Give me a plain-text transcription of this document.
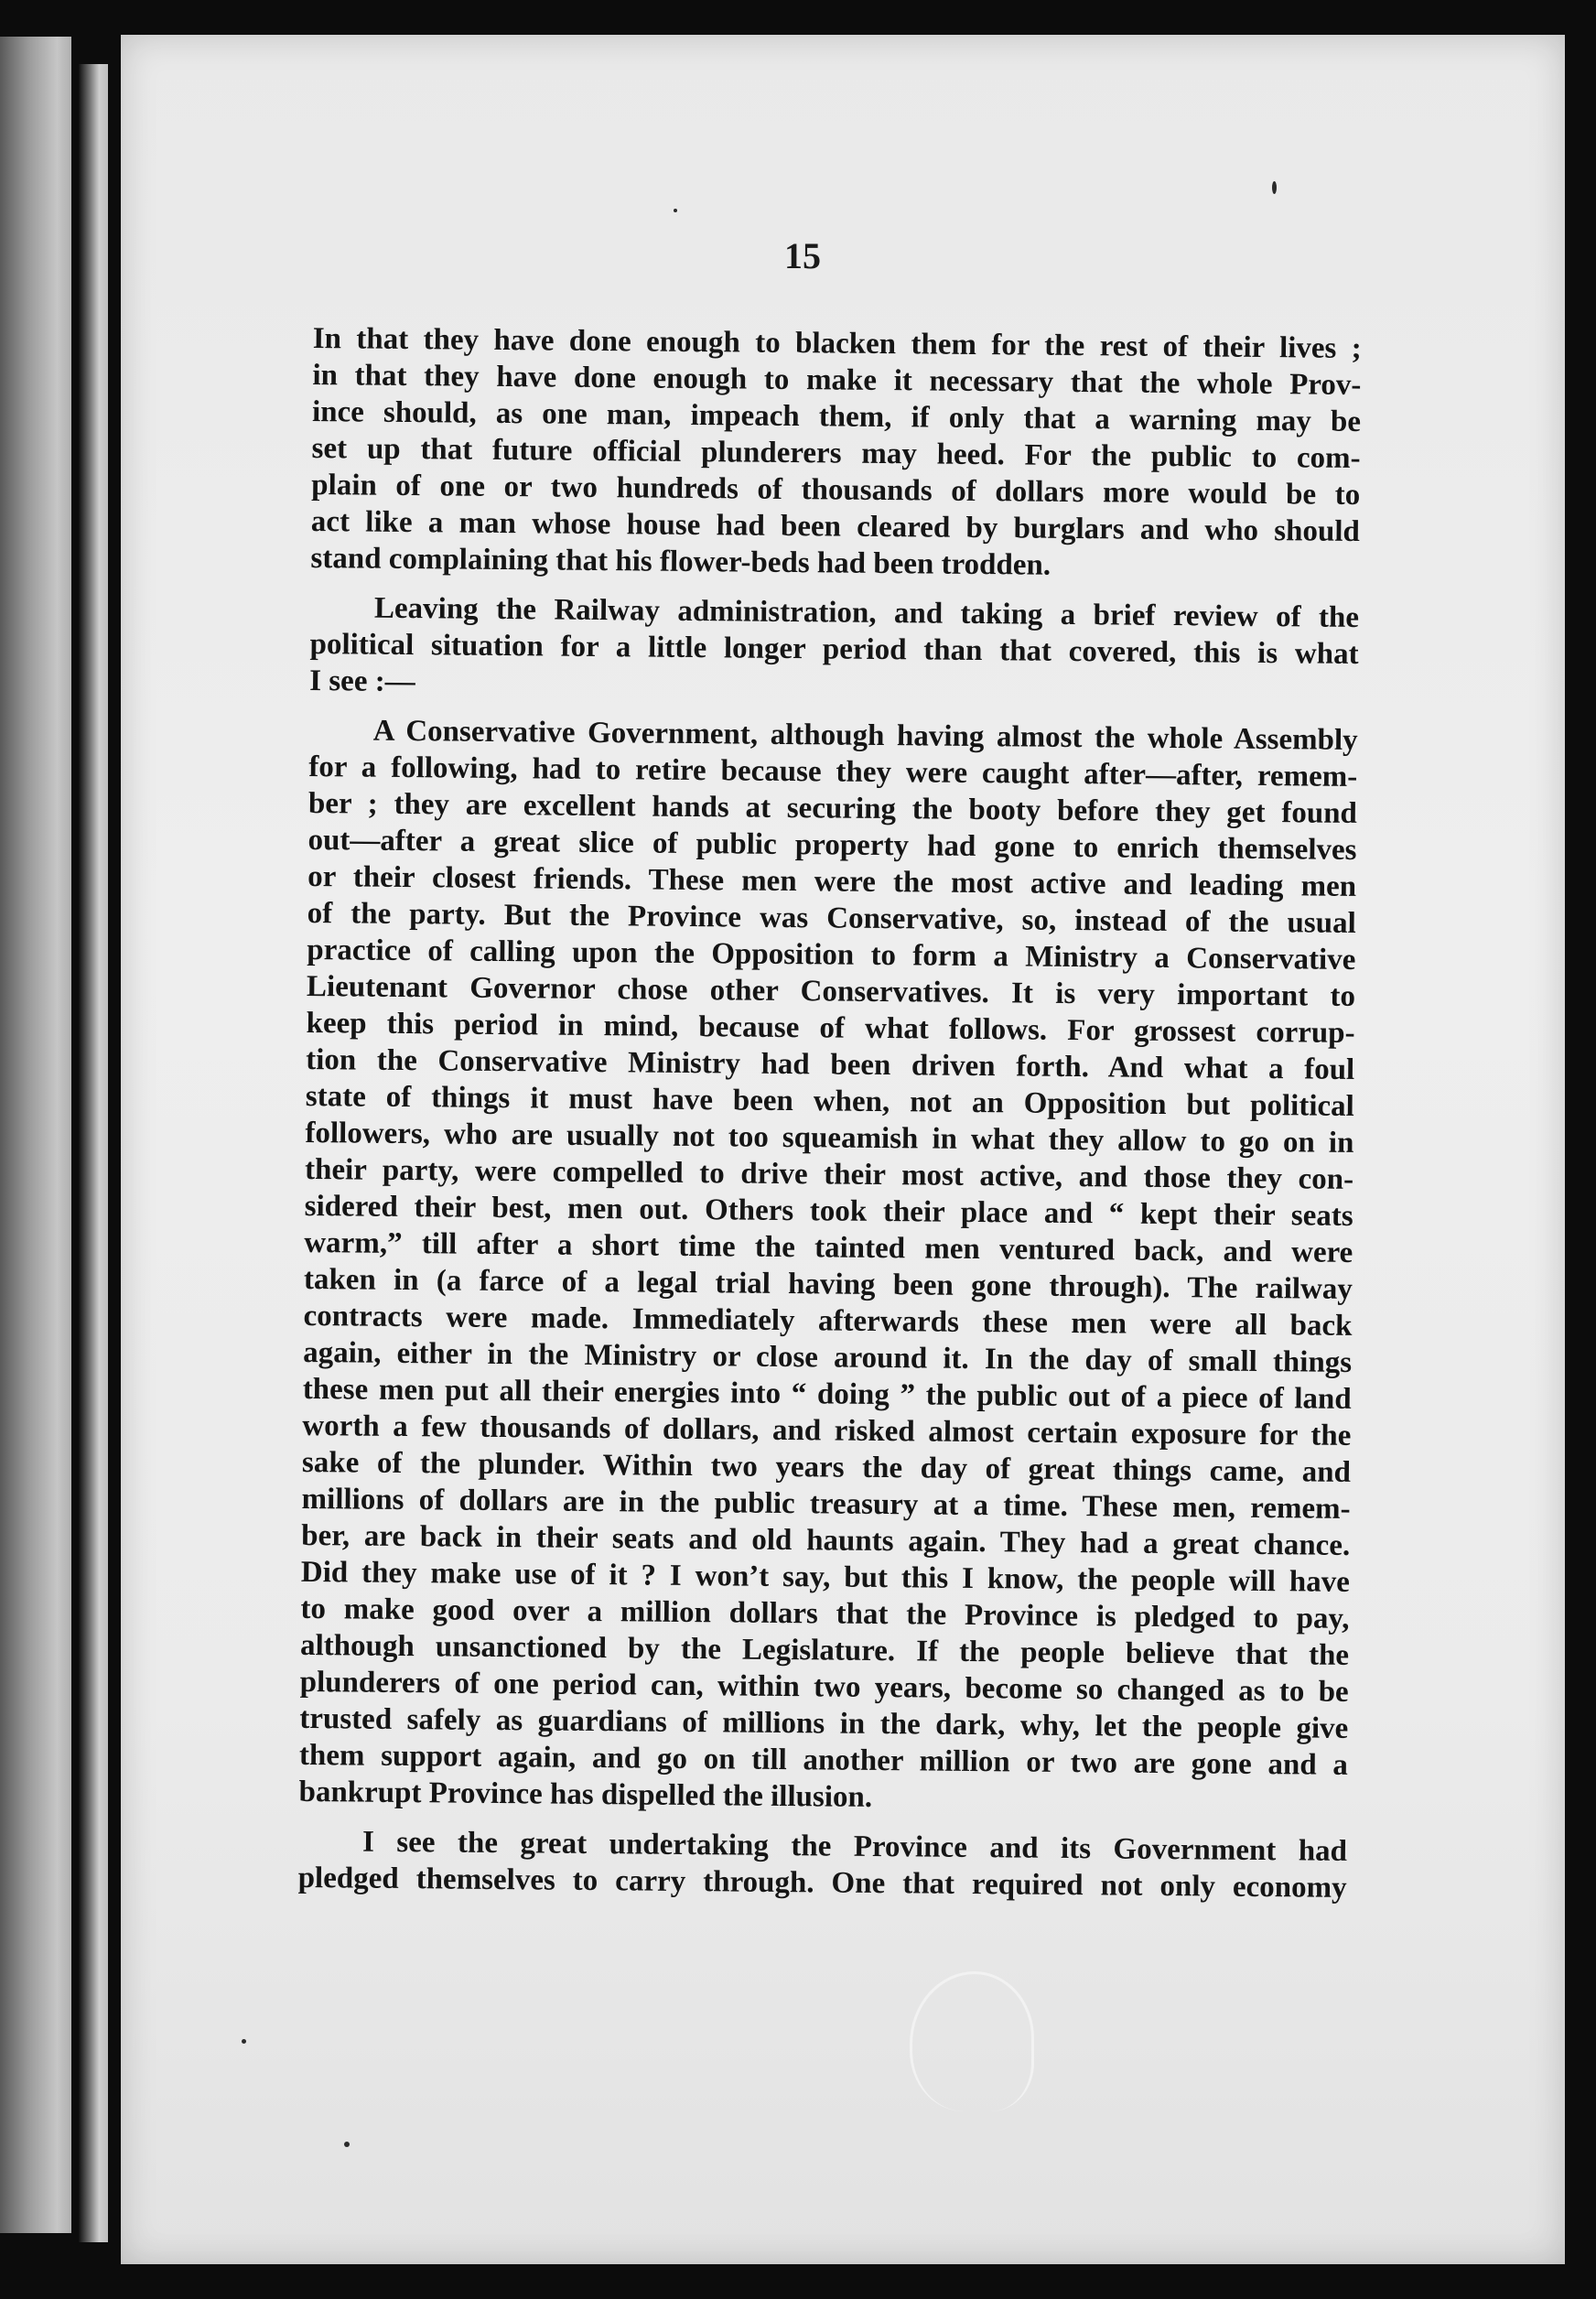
15
In that they have done enough to blacken them for the rest of their lives ;
in that they have done enough to make it necessary that the whole Prov-
ince should, as one man, impeach them, if only that a warning may be
set up that future official plunderers may heed. For the public to com-
plain of one or two hundreds of thousands of dollars more would be to
act like a man whose house had been cleared by burglars and who should
stand complaining that his flower-beds had been trodden.
Leaving the Railway administration, and taking a brief review of the
political situation for a little longer period than that covered, this is what
I see :—
A Conservative Government, although having almost the whole Assembly
for a following, had to retire because they were caught after—after, remem-
ber ; they are excellent hands at securing the booty before they get found
out—after a great slice of public property had gone to enrich themselves
or their closest friends. These men were the most active and leading men
of the party. But the Province was Conservative, so, instead of the usual
practice of calling upon the Opposition to form a Ministry a Conservative
Lieutenant Governor chose other Conservatives. It is very important to
keep this period in mind, because of what follows. For grossest corrup-
tion the Conservative Ministry had been driven forth. And what a foul
state of things it must have been when, not an Opposition but political
followers, who are usually not too squeamish in what they allow to go on in
their party, were compelled to drive their most active, and those they con-
sidered their best, men out. Others took their place and “ kept their seats
warm,” till after a short time the tainted men ventured back, and were
taken in (a farce of a legal trial having been gone through). The railway
contracts were made. Immediately afterwards these men were all back
again, either in the Ministry or close around it. In the day of small things
these men put all their energies into “ doing ” the public out of a piece of land
worth a few thousands of dollars, and risked almost certain exposure for the
sake of the plunder. Within two years the day of great things came, and
millions of dollars are in the public treasury at a time. These men, remem-
ber, are back in their seats and old haunts again. They had a great chance.
Did they make use of it ? I won’t say, but this I know, the people will have
to make good over a million dollars that the Province is pledged to pay,
although unsanctioned by the Legislature. If the people believe that the
plunderers of one period can, within two years, become so changed as to be
trusted safely as guardians of millions in the dark, why, let the people give
them support again, and go on till another million or two are gone and a
bankrupt Province has dispelled the illusion.
I see the great undertaking the Province and its Government had
pledged themselves to carry through. One that required not only economy
